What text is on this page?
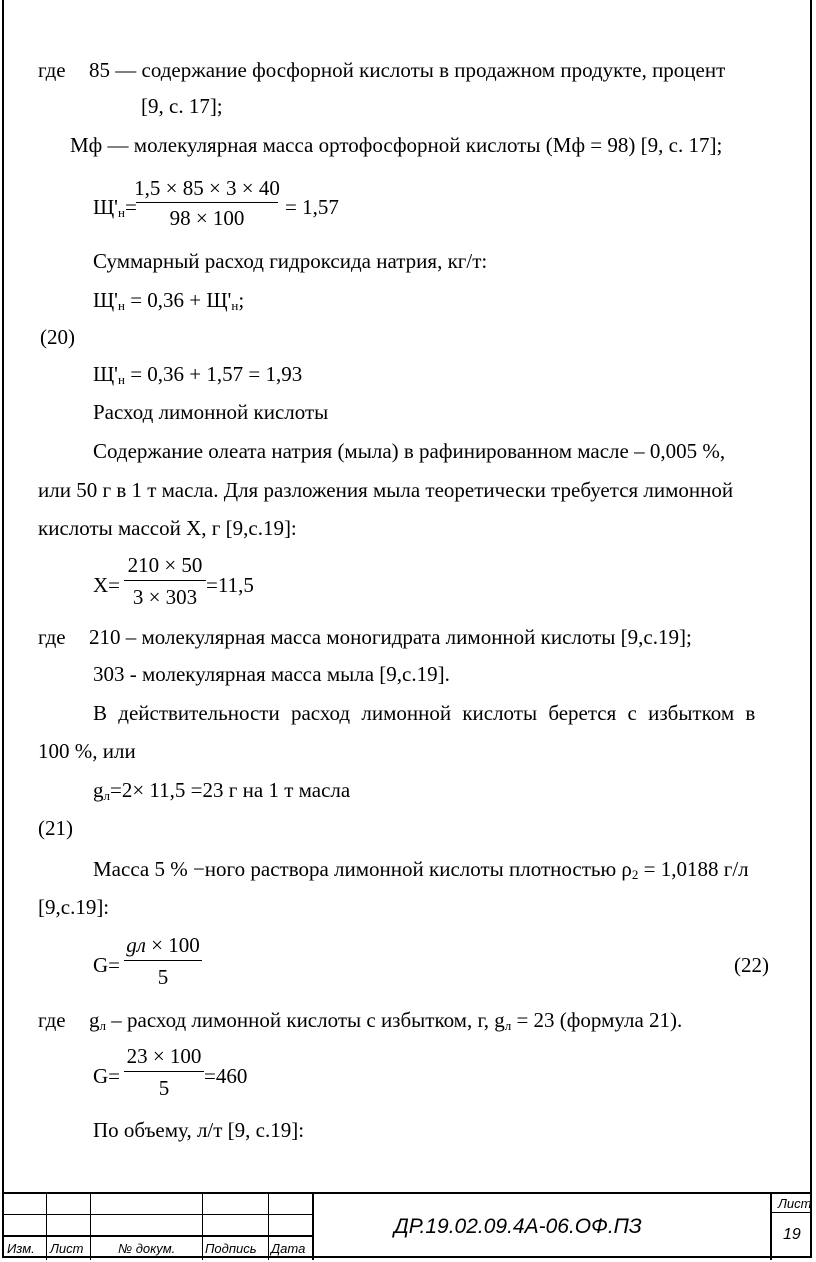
где 85 — содержание фосфорной кислоты в продажном продукте, процент
[9, с. 17];
Мф — молекулярная масса ортофосфорной кислоты (Мф = 98) [9, с. 17];
$Щ'_н=$
1,5 × 85 × 3 × 40
98 × 100	= 1,57
Суммарный расход гидроксида натрия, кг/т:
$Щ'_н = 0,36 + Щ'_н$;
(20)
$Щ'_н = 0,36 + 1,57 = 1,93$
Расход лимонной кислоты
Содержание олеата натрия (мыла) в рафинированном масле – 0,005 %,
или 50 г в 1 т масла. Для разложения мыла теоретически требуется лимонной
кислоты массой Х, г [9,с.19]:
Х=
210 × 50
3 × 303 =11,5
где 210 – молекулярная масса моногидрата лимонной кислоты [9,с.19];
303 - молекулярная масса мыла [9,с.19].
В действительности расход лимонной кислоты берется с избытком в
100 %, или
$g_л=2\times 11,5 =23$ г на 1 т масла
(21)
Масса 5 % −ного раствора лимонной кислоты плотностью $\rho_2 = 1,0188$ г/л
[9,с.19]:
G=
gл × 100
5	(22)
где $g_л$ – расход лимонной кислоты с избытком, г, $g_л = 23$ (формула 21).
G=
23 × 100
5	=460
По объему, л/т [9, с.19]:
Изм. Лист	№ докум. Подпись Дата
ДР.19.02.09.4А-06.ОФ.ПЗ
Лист
19
